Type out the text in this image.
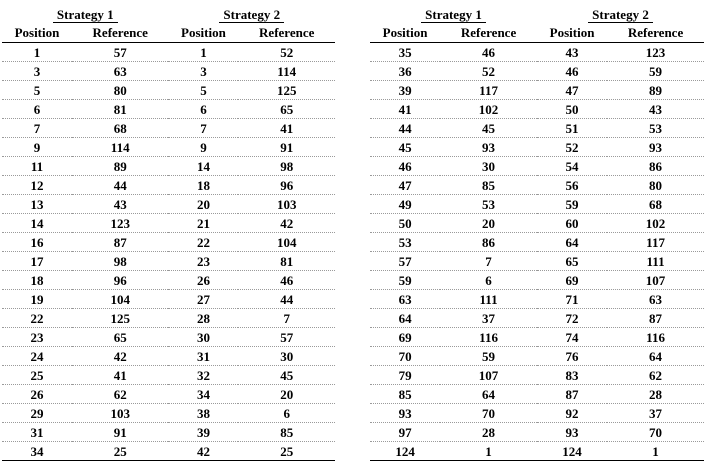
Strategy 1		Strategy 2	
Position	Reference	Position	Reference
1	57	1	52
3	63	3	114
5	80	5	125
6	81	6	65
7	68	7	41
9	114	9	91
11	89	14	98
12	44	18	96
13	43	20	103
14	123	21	42
16	87	22	104
17	98	23	81
18	96	26	46
19	104	27	44
22	125	28	7
23	65	30	57
24	42	31	30
25	41	32	45
26	62	34	20
29	103	38	6
31	91	39	85
34	25	42	25
Strategy 1		Strategy 2	
Position	Reference	Position	Reference
35	46	43	123
36	52	46	59
39	117	47	89
41	102	50	43
44	45	51	53
45	93	52	93
46	30	54	86
47	85	56	80
49	53	59	68
50	20	60	102
53	86	64	117
57	7	65	111
59	6	69	107
63	111	71	63
64	37	72	87
69	116	74	116
70	59	76	64
79	107	83	62
85	64	87	28
93	70	92	37
97	28	93	70
124	1	124	1
